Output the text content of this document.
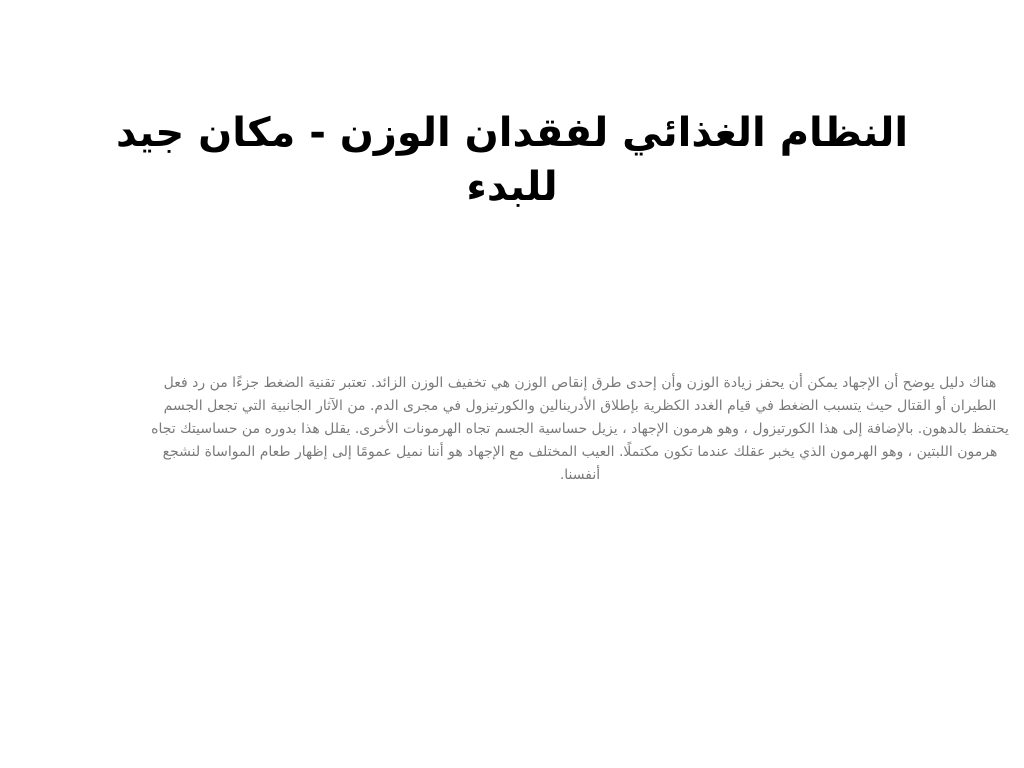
النظام الغذائي لفقدان الوزن - مكان جيد للبدء

هناك دليل يوضح أن الإجهاد يمكن أن يحفز زيادة الوزن وأن إحدى طرق إنقاص الوزن هي تخفيف الوزن الزائد. تعتبر تقنية الضغط جزءًا من رد فعل الطيران أو القتال حيث يتسبب الضغط في قيام الغدد الكظرية بإطلاق الأدرينالين والكورتيزول في مجرى الدم. من الآثار الجانبية التي تجعل الجسم يحتفظ بالدهون. بالإضافة إلى هذا الكورتيزول ، وهو هرمون الإجهاد ، يزيل حساسية الجسم تجاه الهرمونات الأخرى. يقلل هذا بدوره من حساسيتك تجاه هرمون اللبتين ، وهو الهرمون الذي يخبر عقلك عندما تكون مكتملًا. العيب المختلف مع الإجهاد هو أننا نميل عمومًا إلى إظهار طعام المواساة لنشجع أنفسنا.
